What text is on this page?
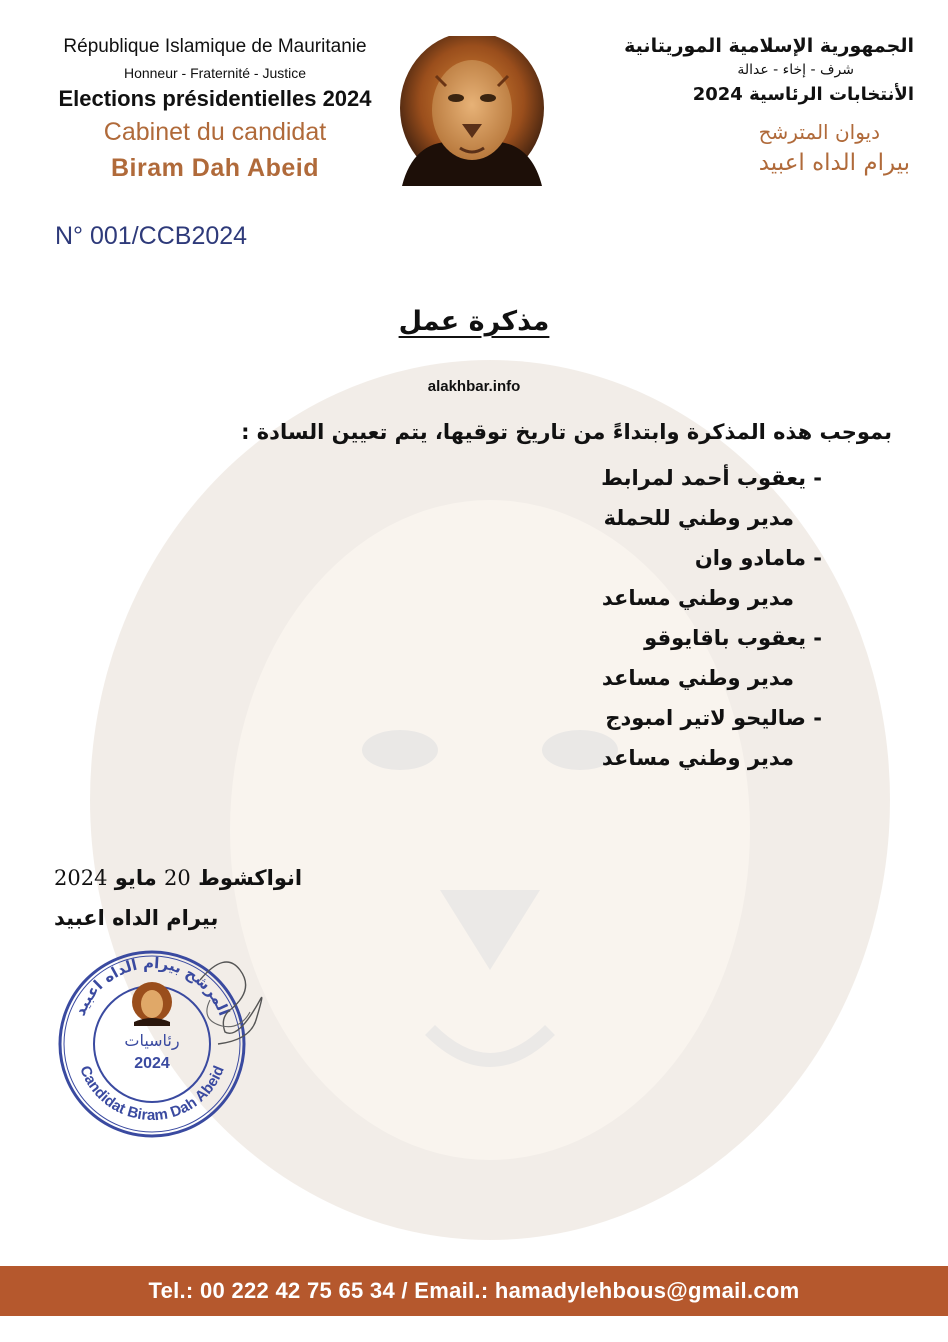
République Islamique de Mauritanie

Honneur - Fraternité - Justice

Elections présidentielles 2024

Cabinet du candidat

Biram Dah Abeid

الجمهورية الإسلامية الموريتانية

شرف - إخاء - عدالة

الأنتخابات الرئاسية 2024

ديوان المترشح

بيرام الداه اعبيد

N° 001/CCB2024
مذكرة عمل
alakhbar.info
بموجب هذه المذكرة وابتداءً من تاريخ توقيها، يتم تعيين السادة :

- يعقوب أحمد لمرابط

مدير وطني للحملة

- مامادو وان

مدير وطني مساعد

- يعقوب باقايوقو

مدير وطني مساعد

- صاليحو لاتير امبودج

مدير وطني مساعد

انواكشوط 20 مايو 2024
بيرام الداه اعبيد
المرشح بيرام الداه اعبيد
Candidat Biram Dah Abeid
رئاسيات
2024
Tel.: 00 222 42 75 65 34 / Email.: hamadylehbous@gmail.com
